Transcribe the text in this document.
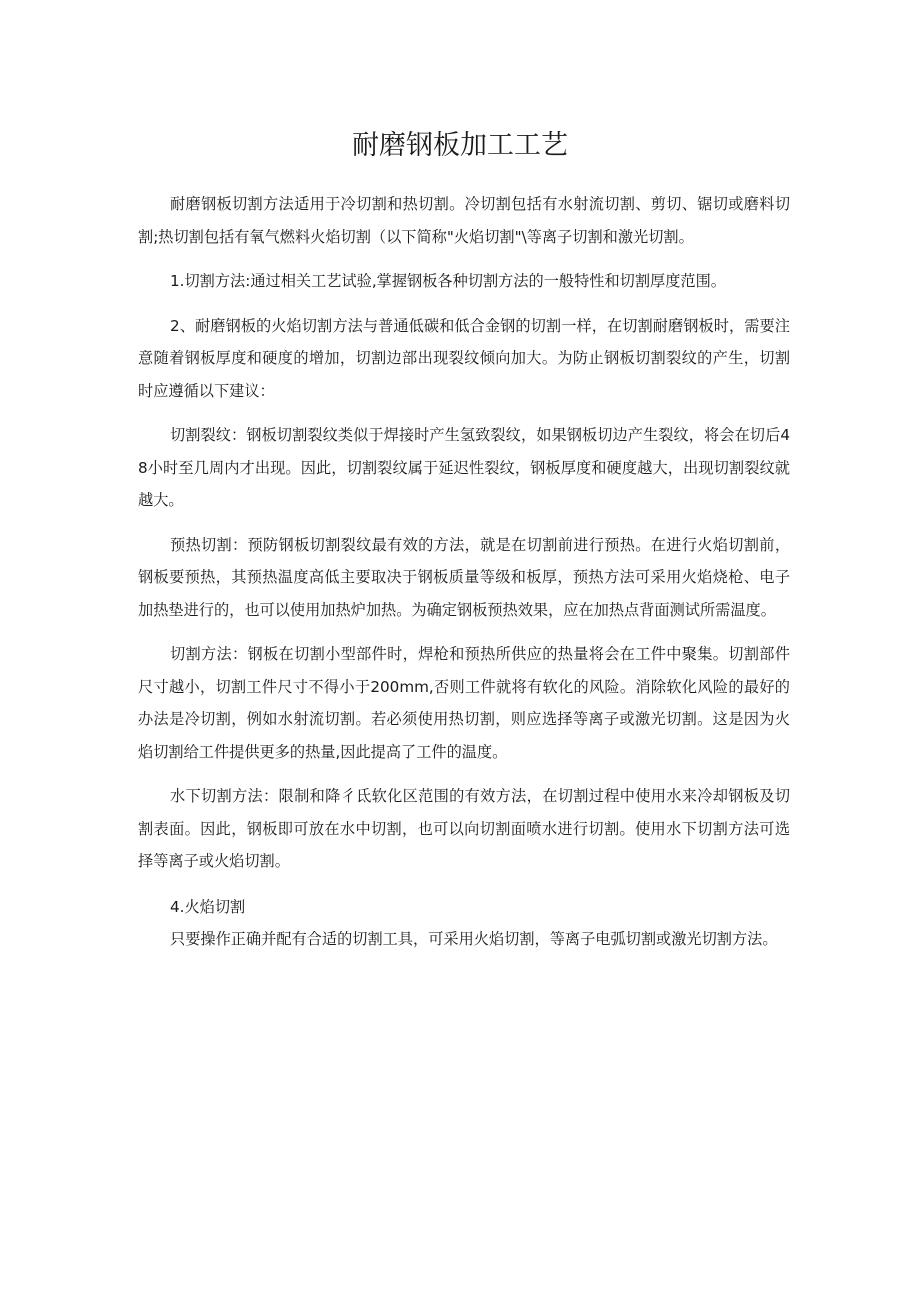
耐磨钢板加工工艺

耐磨钢板切割方法适用于冷切割和热切割。冷切割包括有水射流切割、剪切、锯切或磨料切割;热切割包括有氧气燃料火焰切割（以下简称"火焰切割"\等离子切割和激光切割。

1.切割方法:通过相关工艺试验,掌握钢板各种切割方法的一般特性和切割厚度范围。

2、耐磨钢板的火焰切割方法与普通低碳和低合金钢的切割一样，在切割耐磨钢板时，需要注意随着钢板厚度和硬度的增加，切割边部出现裂纹倾向加大。为防止钢板切割裂纹的产生，切割时应遵循以下建议：

切割裂纹：钢板切割裂纹类似于焊接时产生氢致裂纹，如果钢板切边产生裂纹，将会在切后48小时至几周内才出现。因此，切割裂纹属于延迟性裂纹，钢板厚度和硬度越大，出现切割裂纹就越大。

预热切割：预防钢板切割裂纹最有效的方法，就是在切割前进行预热。在进行火焰切割前，钢板要预热，其预热温度高低主要取决于钢板质量等级和板厚，预热方法可采用火焰烧枪、电子加热垫进行的，也可以使用加热炉加热。为确定钢板预热效果，应在加热点背面测试所需温度。

切割方法：钢板在切割小型部件时，焊枪和预热所供应的热量将会在工件中聚集。切割部件尺寸越小，切割工件尺寸不得小于200mm,否则工件就将有软化的风险。消除软化风险的最好的办法是冷切割，例如水射流切割。若必须使用热切割，则应选择等离子或激光切割。这是因为火焰切割给工件提供更多的热量,因此提高了工件的温度。

水下切割方法：限制和降彳氐软化区范围的有效方法，在切割过程中使用水来冷却钢板及切割表面。因此，钢板即可放在水中切割，也可以向切割面喷水进行切割。使用水下切割方法可选择等离子或火焰切割。

4.火焰切割

只要操作正确并配有合适的切割工具，可采用火焰切割，等离子电弧切割或激光切割方法。
